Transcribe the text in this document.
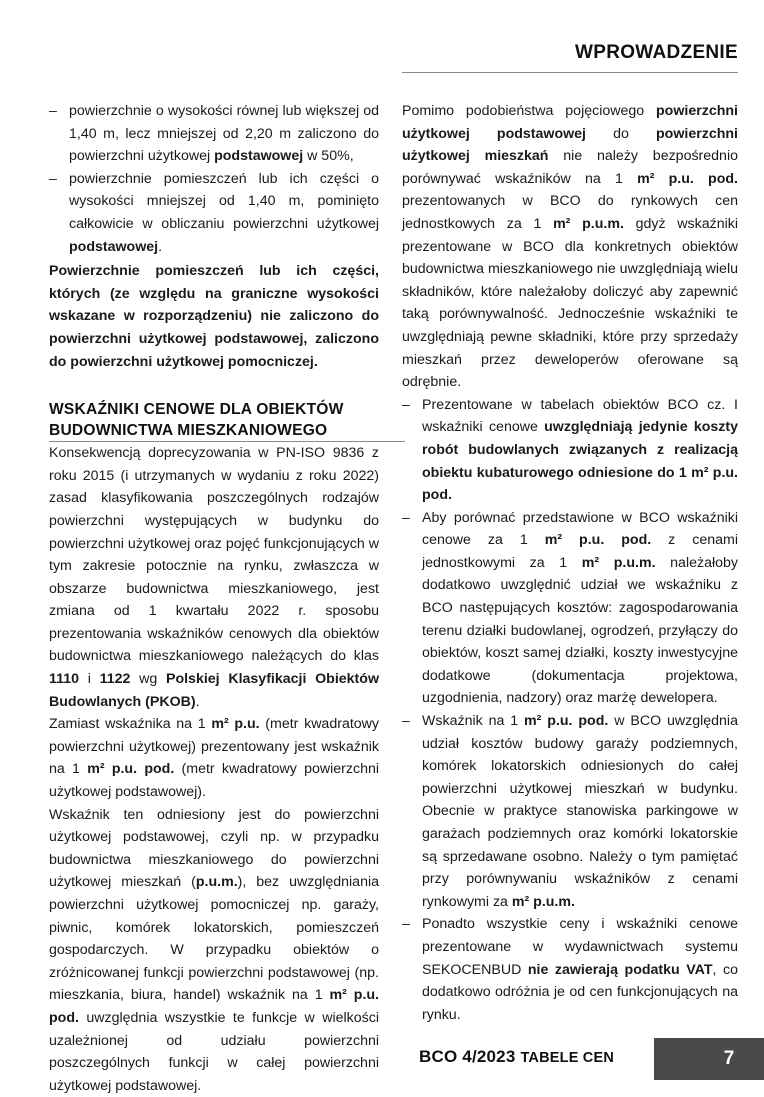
WPROWADZENIE
– powierzchnie o wysokości równej lub większej od 1,40 m, lecz mniejszej od 2,20 m zaliczono do powierzchni użytkowej podstawowej w 50%,
– powierzchnie pomieszczeń lub ich części o wysokości mniejszej od 1,40 m, pominięto całkowicie w obliczaniu powierzchni użytkowej podstawowej.

Powierzchnie pomieszczeń lub ich części, których (ze względu na graniczne wysokości wskazane w rozporządzeniu) nie zaliczono do powierzchni użytkowej podstawowej, zaliczono do powierzchni użytkowej pomocniczej.

WSKAŹNIKI CENOWE DLA OBIEKTÓW BUDOWNICTWA MIESZKANIOWEGO

Konsekwencją doprecyzowania w PN-ISO 9836 z roku 2015 (i utrzymanych w wydaniu z roku 2022) zasad klasyfikowania poszczególnych rodzajów powierzchni występujących w budynku do powierzchni użytkowej oraz pojęć funkcjonujących w tym zakresie potocznie na rynku, zwłaszcza w obszarze budownictwa mieszkaniowego, jest zmiana od 1 kwartału 2022 r. sposobu prezentowania wskaźników cenowych dla obiektów budownictwa mieszkaniowego należących do klas 1110 i 1122 wg Polskiej Klasyfikacji Obiektów Budowlanych (PKOB).

Zamiast wskaźnika na 1 m² p.u. (metr kwadratowy powierzchni użytkowej) prezentowany jest wskaźnik na 1 m² p.u. pod. (metr kwadratowy powierzchni użytkowej podstawowej).

Wskaźnik ten odniesiony jest do powierzchni użytkowej podstawowej, czyli np. w przypadku budownictwa mieszkaniowego do powierzchni użytkowej mieszkań (p.u.m.), bez uwzględniania powierzchni użytkowej pomocniczej np. garaży, piwnic, komórek lokatorskich, pomieszczeń gospodarczych. W przypadku obiektów o zróżnicowanej funkcji powierzchni podstawowej (np. mieszkania, biura, handel) wskaźnik na 1 m² p.u. pod. uwzględnia wszystkie te funkcje w wielkości uzależnionej od udziału powierzchni poszczególnych funkcji w całej powierzchni użytkowej podstawowej.

Pomimo podobieństwa pojęciowego powierzchni użytkowej podstawowej do powierzchni użytkowej mieszkań nie należy bezpośrednio porównywać wskaźników na 1 m² p.u. pod. prezentowanych w BCO do rynkowych cen jednostkowych za 1 m² p.u.m. gdyż wskaźniki prezentowane w BCO dla konkretnych obiektów budownictwa mieszkaniowego nie uwzględniają wielu składników, które należałoby doliczyć aby zapewnić taką porównywalność. Jednocześnie wskaźniki te uwzględniają pewne składniki, które przy sprzedaży mieszkań przez deweloperów oferowane są odrębnie.

– Prezentowane w tabelach obiektów BCO cz. I wskaźniki cenowe uwzględniają jedynie koszty robót budowlanych związanych z realizacją obiektu kubaturowego odniesione do 1 m² p.u. pod.
– Aby porównać przedstawione w BCO wskaźniki cenowe za 1 m² p.u. pod. z cenami jednostkowymi za 1 m² p.u.m. należałoby dodatkowo uwzględnić udział we wskaźniku z BCO następujących kosztów: zagospodarowania terenu działki budowlanej, ogrodzeń, przyłączy do obiektów, koszt samej działki, koszty inwestycyjne dodatkowe (dokumentacja projektowa, uzgodnienia, nadzory) oraz marżę dewelopera.
– Wskaźnik na 1 m² p.u. pod. w BCO uwzględnia udział kosztów budowy garaży podziemnych, komórek lokatorskich odniesionych do całej powierzchni użytkowej mieszkań w budynku. Obecnie w praktyce stanowiska parkingowe w garażach podziemnych oraz komórki lokatorskie są sprzedawane osobno. Należy o tym pamiętać przy porównywaniu wskaźników z cenami rynkowymi za m² p.u.m.
– Ponadto wszystkie ceny i wskaźniki cenowe prezentowane w wydawnictwach systemu SEKOCENBUD nie zawierają podatku VAT, co dodatkowo odróżnia je od cen funkcjonujących na rynku.
BCO 4/2023 TABELE CEN	7
